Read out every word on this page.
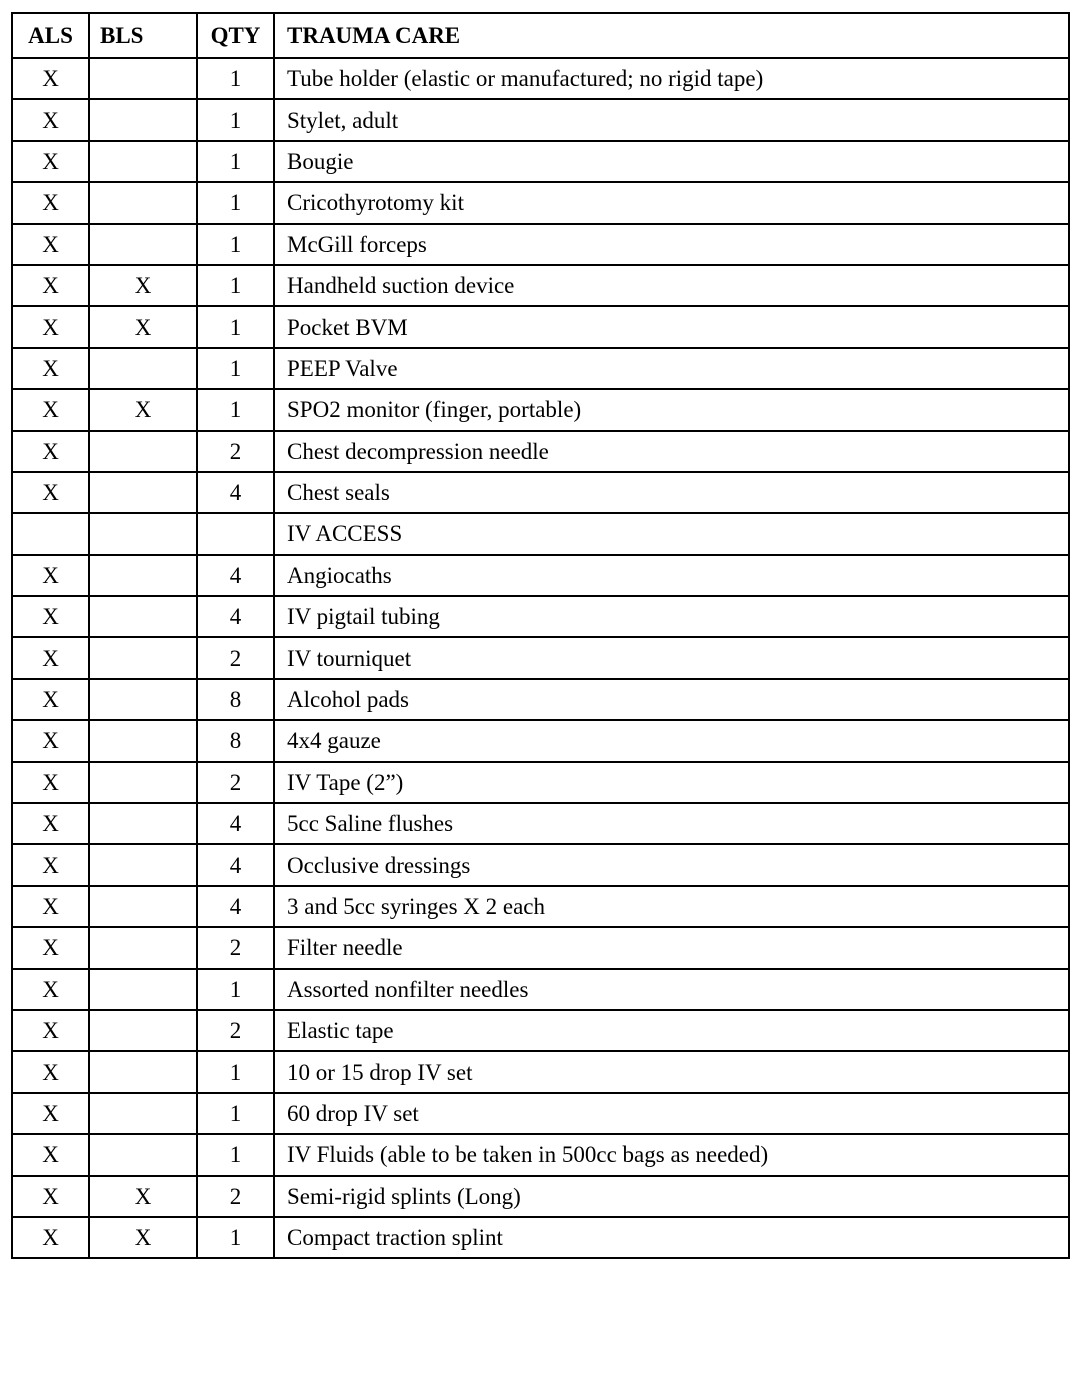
ALS	BLS	QTY	TRAUMA CARE
X		1	Tube holder (elastic or manufactured; no rigid tape)
X		1	Stylet, adult
X		1	Bougie
X		1	Cricothyrotomy kit
X		1	McGill forceps
X	X	1	Handheld suction device
X	X	1	Pocket BVM
X		1	PEEP Valve
X	X	1	SPO2 monitor (finger, portable)
X		2	Chest decompression needle
X		4	Chest seals
			IV ACCESS
X		4	Angiocaths
X		4	IV pigtail tubing
X		2	IV tourniquet
X		8	Alcohol pads
X		8	4x4 gauze
X		2	IV Tape (2”)
X		4	5cc Saline flushes
X		4	Occlusive dressings
X		4	3 and 5cc syringes X 2 each
X		2	Filter needle
X		1	Assorted nonfilter needles
X		2	Elastic tape
X		1	10 or 15 drop IV set
X		1	60 drop IV set
X		1	IV Fluids (able to be taken in 500cc bags as needed)
X	X	2	Semi-rigid splints (Long)
X	X	1	Compact traction splint
